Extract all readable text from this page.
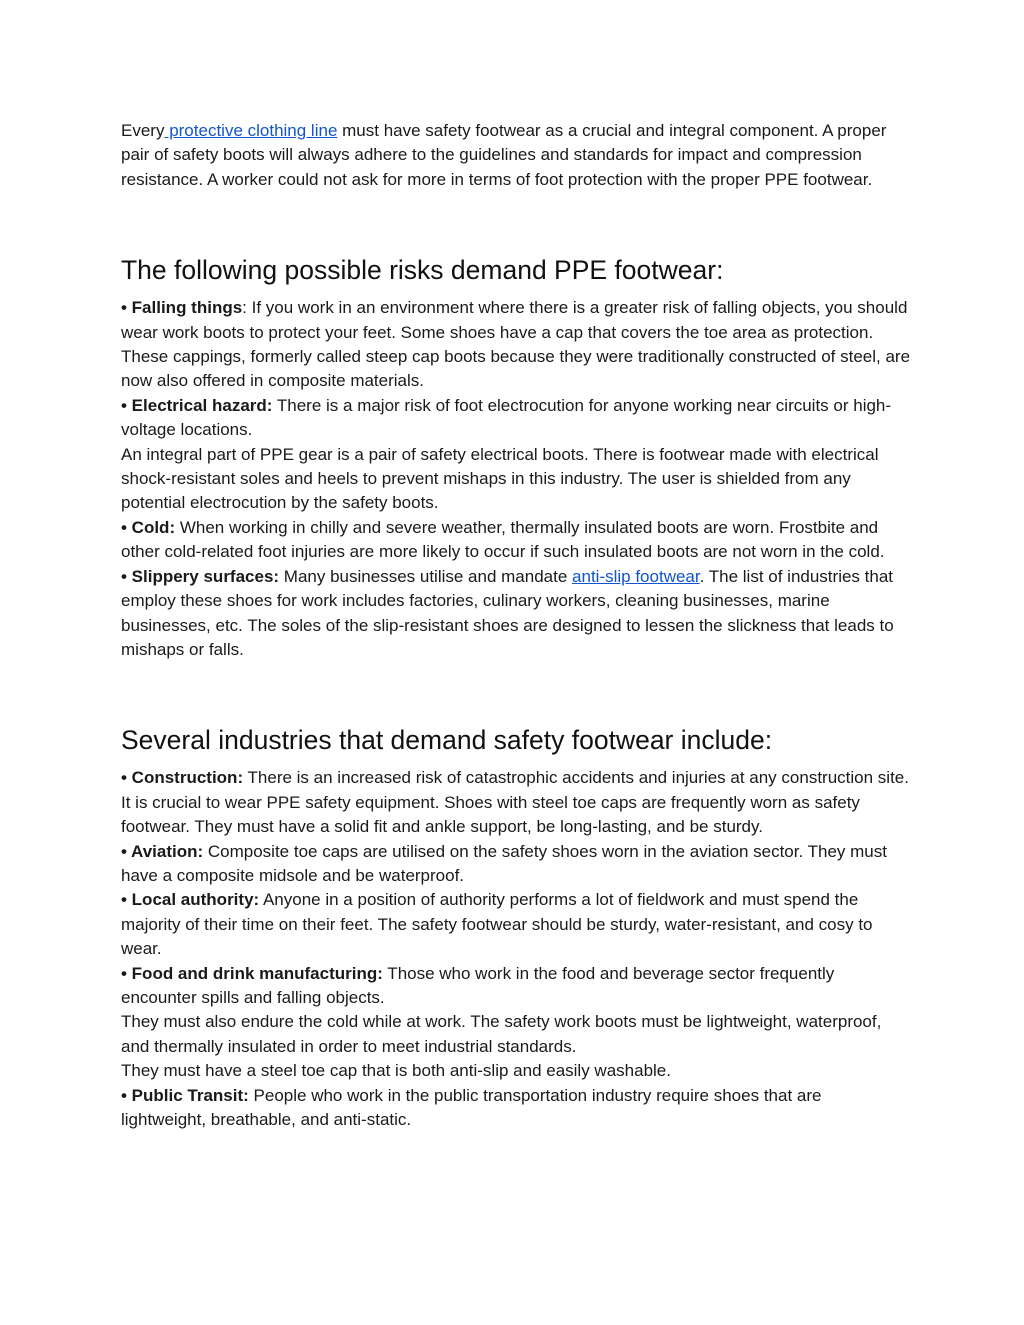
Every protective clothing line must have safety footwear as a crucial and integral component. A proper pair of safety boots will always adhere to the guidelines and standards for impact and compression resistance. A worker could not ask for more in terms of foot protection with the proper PPE footwear.

The following possible risks demand PPE footwear:

• Falling things: If you work in an environment where there is a greater risk of falling objects, you should wear work boots to protect your feet. Some shoes have a cap that covers the toe area as protection. These cappings, formerly called steep cap boots because they were traditionally constructed of steel, are now also offered in composite materials.

• Electrical hazard: There is a major risk of foot electrocution for anyone working near circuits or high-voltage locations.

An integral part of PPE gear is a pair of safety electrical boots. There is footwear made with electrical shock-resistant soles and heels to prevent mishaps in this industry. The user is shielded from any potential electrocution by the safety boots.

• Cold: When working in chilly and severe weather, thermally insulated boots are worn. Frostbite and other cold-related foot injuries are more likely to occur if such insulated boots are not worn in the cold.

• Slippery surfaces: Many businesses utilise and mandate anti-slip footwear. The list of industries that employ these shoes for work includes factories, culinary workers, cleaning businesses, marine businesses, etc. The soles of the slip-resistant shoes are designed to lessen the slickness that leads to mishaps or falls.

Several industries that demand safety footwear include:

• Construction: There is an increased risk of catastrophic accidents and injuries at any construction site. It is crucial to wear PPE safety equipment. Shoes with steel toe caps are frequently worn as safety footwear. They must have a solid fit and ankle support, be long-lasting, and be sturdy.

• Aviation: Composite toe caps are utilised on the safety shoes worn in the aviation sector. They must have a composite midsole and be waterproof.

• Local authority: Anyone in a position of authority performs a lot of fieldwork and must spend the majority of their time on their feet. The safety footwear should be sturdy, water-resistant, and cosy to wear.

• Food and drink manufacturing: Those who work in the food and beverage sector frequently encounter spills and falling objects.

They must also endure the cold while at work. The safety work boots must be lightweight, waterproof, and thermally insulated in order to meet industrial standards.

They must have a steel toe cap that is both anti-slip and easily washable.

• Public Transit: People who work in the public transportation industry require shoes that are lightweight, breathable, and anti-static.
